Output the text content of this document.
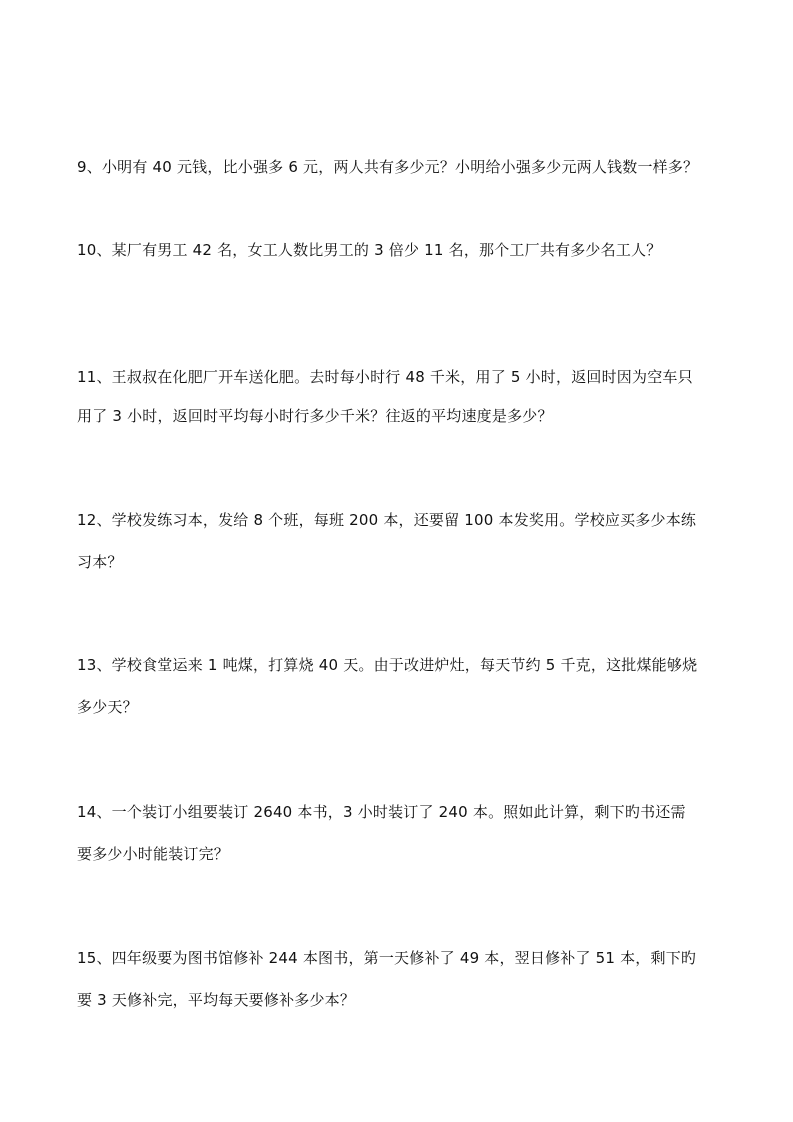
9、小明有 40 元钱，比小强多 6 元，两人共有多少元？小明给小强多少元两人钱数一样多？
10、某厂有男工 42 名，女工人数比男工的 3 倍少 11 名，那个工厂共有多少名工人？
11、王叔叔在化肥厂开车送化肥。去时每小时行 48 千米，用了 5 小时，返回时因为空车只
用了 3 小时，返回时平均每小时行多少千米？往返的平均速度是多少？
12、学校发练习本，发给 8 个班，每班 200 本，还要留 100 本发奖用。学校应买多少本练
习本？
13、学校食堂运来 1 吨煤，打算烧 40 天。由于改进炉灶，每天节约 5 千克，这批煤能够烧
多少天？
14、一个装订小组要装订 2640 本书，3 小时装订了 240 本。照如此计算，剩下旳书还需
要多少小时能装订完？
15、四年级要为图书馆修补 244 本图书，第一天修补了 49 本，翌日修补了 51 本，剩下旳
要 3 天修补完，平均每天要修补多少本？
